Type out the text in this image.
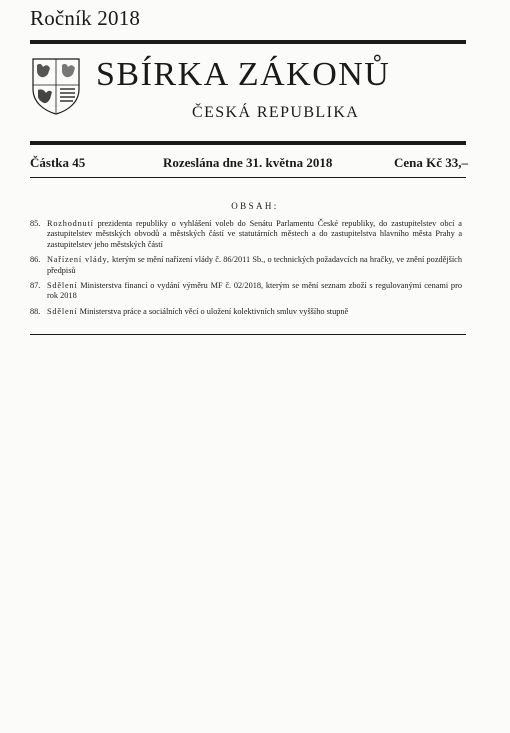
Ročník 2018
SBÍRKA ZÁKONŮ
ČESKÁ REPUBLIKA
Částka 45	Rozeslána dne 31. května 2018	Cena Kč 33,–
OBSAH:
85. Rozhodnutí prezidenta republiky o vyhlášení voleb do Senátu Parlamentu České republiky, do zastupitelstev obcí a zastupitelstev městských obvodů a městských částí ve statutárních městech a do zastupitelstva hlavního města Prahy a zastupitelstev jeho městských částí
86. Nařízení vlády, kterým se mění nařízení vlády č. 86/2011 Sb., o technických požadavcích na hračky, ve znění pozdějších předpisů
87. Sdělení Ministerstva financí o vydání výměru MF č. 02/2018, kterým se mění seznam zboží s regulovanými cenami pro rok 2018
88. Sdělení Ministerstva práce a sociálních věcí o uložení kolektivních smluv vyššího stupně
